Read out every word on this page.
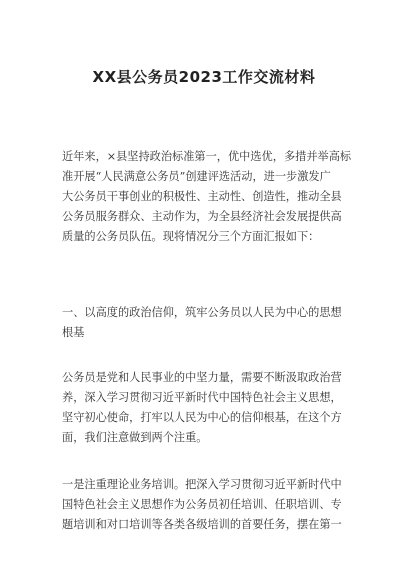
XX县公务员2023工作交流材料
近年来，×县坚持政治标准第一，优中选优，多措并举高标
准开展“人民满意公务员”创建评选活动，进一步激发广
大公务员干事创业的积极性、主动性、创造性，推动全县
公务员服务群众、主动作为，为全县经济社会发展提供高
质量的公务员队伍。现将情况分三个方面汇报如下：
一、以高度的政治信仰，筑牢公务员以人民为中心的思想
根基
公务员是党和人民事业的中坚力量，需要不断汲取政治营
养，深入学习贯彻习近平新时代中国特色社会主义思想，
坚守初心使命，打牢以人民为中心的信仰根基，在这个方
面，我们注意做到两个注重。
一是注重理论业务培训。把深入学习贯彻习近平新时代中
国特色社会主义思想作为公务员初任培训、任职培训、专
题培训和对口培训等各类各级培训的首要任务，摆在第一
